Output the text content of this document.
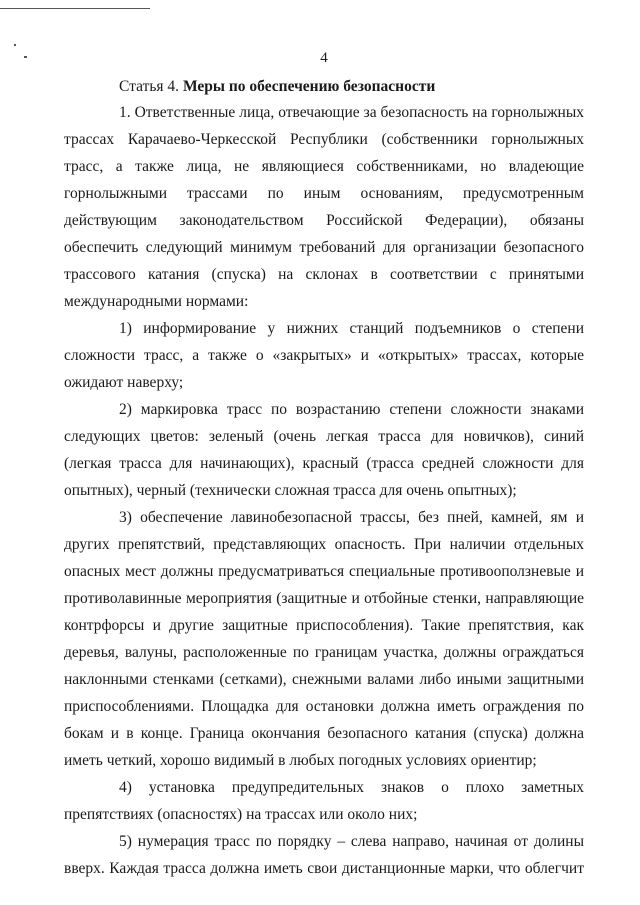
4
Статья 4. Меры по обеспечению безопасности
1. Ответственные лица, отвечающие за безопасность на горнолыжных
трассах Карачаево-Черкесской Республики (собственники горнолыжных
трасс, а также лица, не являющиеся собственниками, но владеющие
горнолыжными трассами по иным основаниям, предусмотренным
действующим законодательством Российской Федерации), обязаны
обеспечить следующий минимум требований для организации безопасного
трассового катания (спуска) на склонах в соответствии с принятыми
международными нормами:
1) информирование у нижних станций подъемников о степени
сложности трасс, а также о «закрытых» и «открытых» трассах, которые
ожидают наверху;
2) маркировка трасс по возрастанию степени сложности знаками
следующих цветов: зеленый (очень легкая трасса для новичков), синий
(легкая трасса для начинающих), красный (трасса средней сложности для
опытных), черный (технически сложная трасса для очень опытных);
3) обеспечение лавинобезопасной трассы, без пней, камней, ям и
других препятствий, представляющих опасность. При наличии отдельных
опасных мест должны предусматриваться специальные противооползневые и
противолавинные мероприятия (защитные и отбойные стенки, направляющие
контрфорсы и другие защитные приспособления). Такие препятствия, как
деревья, валуны, расположенные по границам участка, должны ограждаться
наклонными стенками (сетками), снежными валами либо иными защитными
приспособлениями. Площадка для остановки должна иметь ограждения по
бокам и в конце. Граница окончания безопасного катания (спуска) должна
иметь четкий, хорошо видимый в любых погодных условиях ориентир;
4) установка предупредительных знаков о плохо заметных
препятствиях (опасностях) на трассах или около них;
5) нумерация трасс по порядку – слева направо, начиная от долины
вверх. Каждая трасса должна иметь свои дистанционные марки, что облегчит
